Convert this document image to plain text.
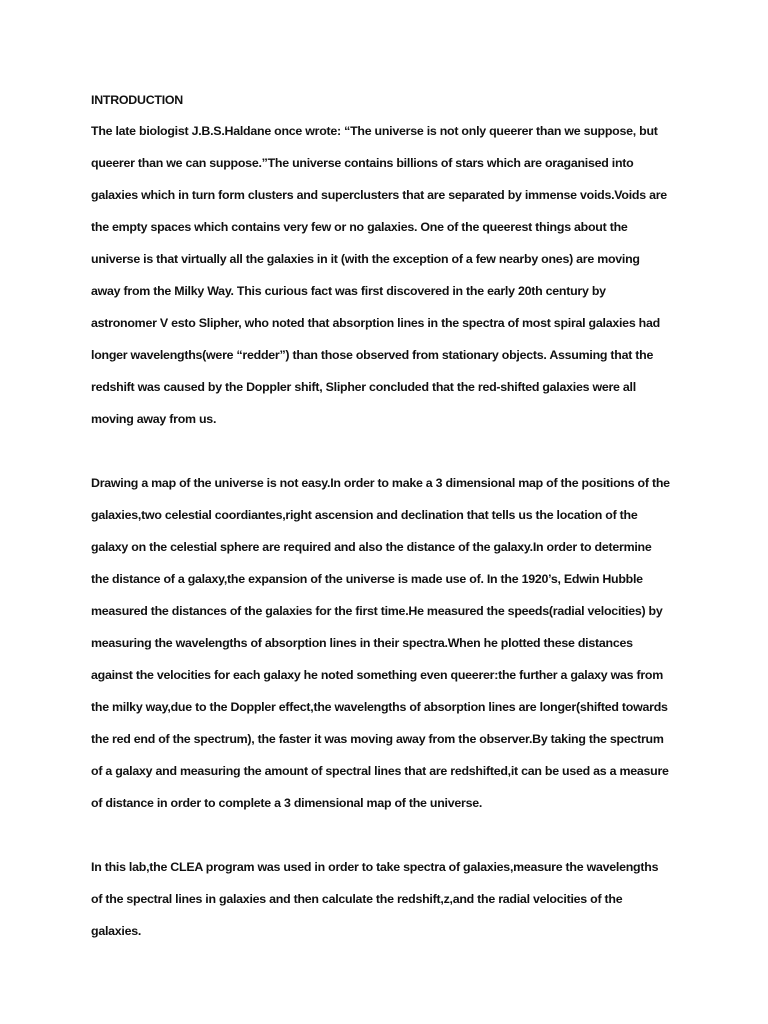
INTRODUCTION

The late biologist J.B.S.Haldane once wrote: “The universe is not only queerer than we suppose, but queerer than we can suppose.”The universe contains billions of stars which are oraganised into galaxies which in turn form clusters and superclusters that are separated by immense voids.Voids are the empty spaces which contains very few or no galaxies. One of the queerest things about the universe is that virtually all the galaxies in it (with the exception of a few nearby ones) are moving away from the Milky Way. This curious fact was first discovered in the early 20th century by astronomer V esto Slipher, who noted that absorption lines in the spectra of most spiral galaxies had longer wavelengths(were “redder”) than those observed from stationary objects. Assuming that the redshift was caused by the Doppler shift, Slipher concluded that the red-shifted galaxies were all moving away from us.

Drawing a map of the universe is not easy.In order to make a 3 dimensional map of the positions of the galaxies,two celestial coordiantes,right ascension and declination that tells us the location of the galaxy on the celestial sphere are required and also the distance of the galaxy.In order to determine the distance of a galaxy,the expansion of the universe is made use of. In the 1920’s, Edwin Hubble measured the distances of the galaxies for the first time.He measured the speeds(radial velocities) by measuring the wavelengths of absorption lines in their spectra.When he plotted these distances against the velocities for each galaxy he noted something even queerer:the further a galaxy was from the milky way,due to the Doppler effect,the wavelengths of absorption lines are longer(shifted towards the red end of the spectrum), the faster it was moving away from the observer.By taking the spectrum of a galaxy and measuring the amount of spectral lines that are redshifted,it can be used as a measure of distance in order to complete a 3 dimensional map of the universe.

In this lab,the CLEA program was used in order to take spectra of galaxies,measure the wavelengths of the spectral lines in galaxies and then calculate the redshift,z,and the radial velocities of the galaxies.
